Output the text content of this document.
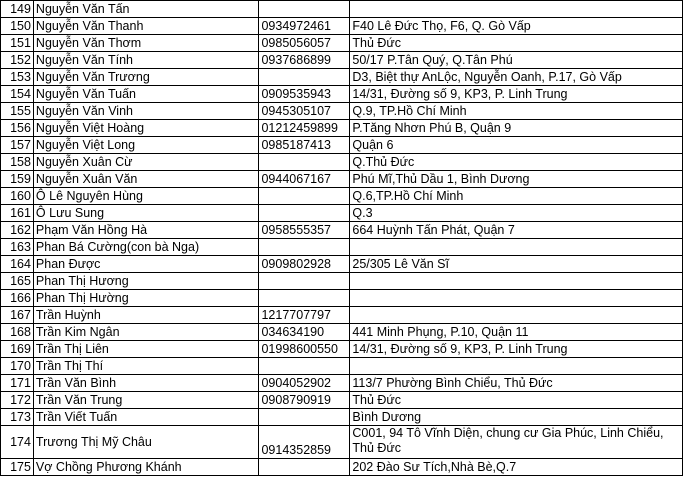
149	Nguyễn Văn Tấn		
150	Nguyễn Văn Thanh	0934972461	F40 Lê Đức Thọ, F6, Q. Gò Vấp
151	Nguyễn Văn Thơm	0985056057	Thủ Đức
152	Nguyễn Văn Tính	0937686899	50/17 P.Tân Quý, Q.Tân Phú
153	Nguyễn Văn Trương		D3, Biệt thự AnLộc, Nguyễn Oanh, P.17, Gò Vấp
154	Nguyễn Văn Tuấn	0909535943	14/31, Đường số 9, KP3, P. Linh Trung
155	Nguyễn Văn Vinh	0945305107	Q.9, TP.Hồ Chí Minh
156	Nguyễn Việt Hoàng	01212459899	P.Tăng Nhơn Phú B, Quận 9
157	Nguyễn Việt Long	0985187413	Quận 6
158	Nguyễn Xuân Cừ		Q.Thủ Đức
159	Nguyễn Xuân Văn	0944067167	Phú Mĩ,Thủ Dầu 1, Bình Dương
160	Ô Lê Nguyên Hùng		Q.6,TP.Hồ Chí Minh
161	Ô Lưu Sung		Q.3
162	Phạm Văn Hồng Hà	0958555357	664 Huỳnh Tấn Phát, Quận 7
163	Phan Bá Cường(con bà Nga)		
164	Phan Được	0909802928	25/305 Lê Văn Sĩ
165	Phan Thị Hương		
166	Phan Thị Hường		
167	Trần Huỳnh	1217707797	
168	Trần Kim Ngân	034634190	441 Minh Phụng, P.10, Quận 11
169	Trần Thị Liên	01998600550	14/31, Đường số 9, KP3, P. Linh Trung
170	Trần Thị Thí		
171	Trần Văn Bình	0904052902	113/7 Phường Bình Chiểu, Thủ Đức
172	Trần Văn Trung	0908790919	Thủ Đức
173	Trần Viết Tuấn		Bình Dương
174	Trương Thị Mỹ Châu	0914352859	C001, 94 Tô Vĩnh Diện, chung cư Gia Phúc, Linh Chiểu, Thủ Đức
175	Vợ Chồng Phương Khánh		202 Đào Sư Tích,Nhà Bè,Q.7
